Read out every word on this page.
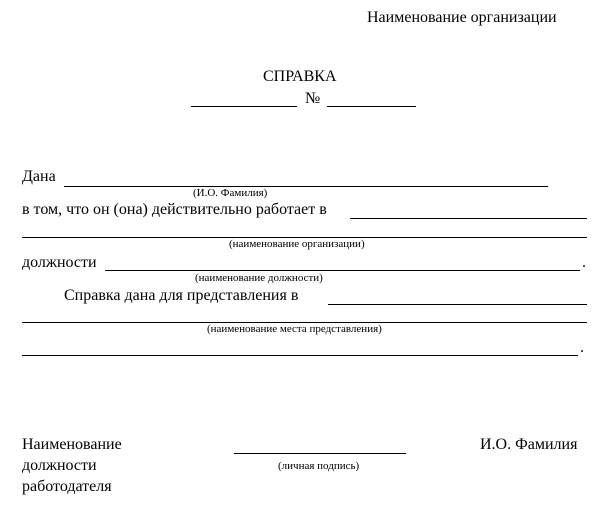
Наименование организации
СПРАВКА
№
Дана
(И.О. Фамилия)
в том, что он (она) действительно работает в
(наименование организации)
должности	.
(наименование должности)
Справка дана для представления в
(наименование места представления)
.
Наименование
должности
работодателя
(личная подпись)
И.О. Фамилия
